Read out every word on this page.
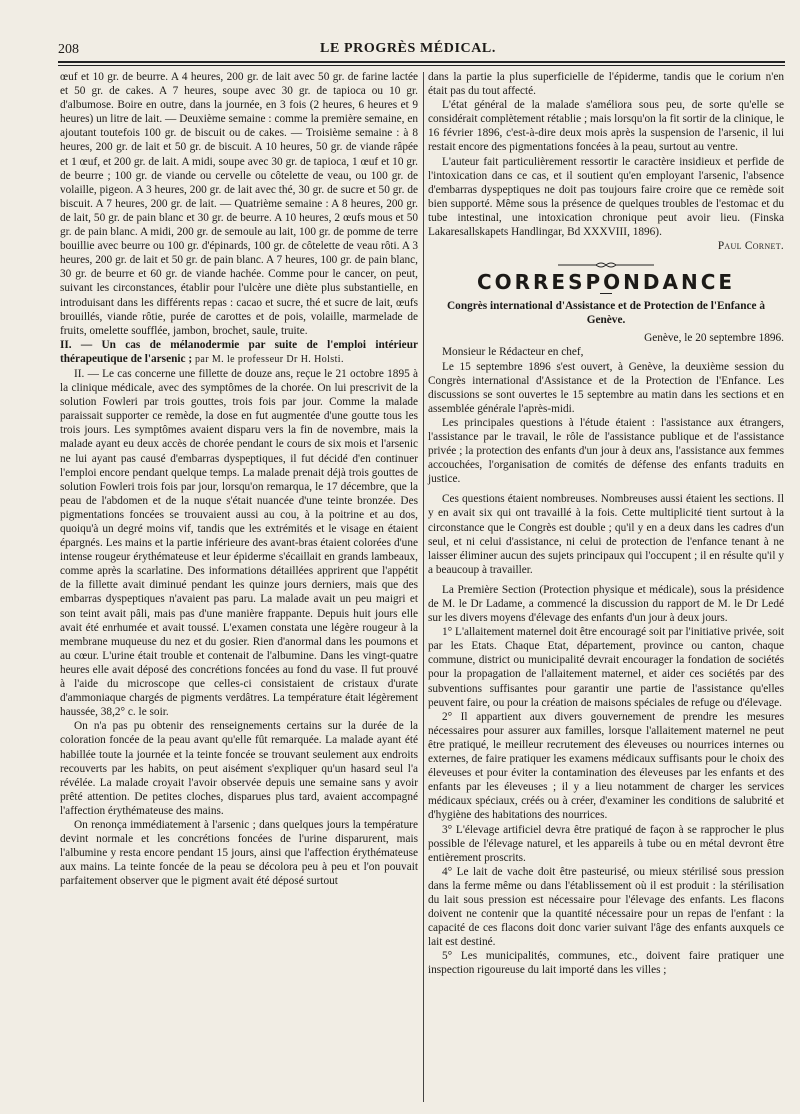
208	LE PROGRÈS MÉDICAL.

œuf et 10 gr. de beurre. A 4 heures, 200 gr. de lait avec 50 gr. de farine lactée et 50 gr. de cakes. A 7 heures, soupe avec 30 gr. de tapioca ou 10 gr. d'albumose. Boire en outre, dans la journée, en 3 fois (2 heures, 6 heures et 9 heures) un litre de lait. — Deuxième semaine : comme la première semaine, en ajoutant toutefois 100 gr. de biscuit ou de cakes. — Troisième semaine : à 8 heures, 200 gr. de lait et 50 gr. de biscuit. A 10 heures, 50 gr. de viande râpée et 1 œuf, et 200 gr. de lait. A midi, soupe avec 30 gr. de tapioca, 1 œuf et 10 gr. de beurre ; 100 gr. de viande ou cervelle ou côtelette de veau, ou 100 gr. de volaille, pigeon. A 3 heures, 200 gr. de lait avec thé, 30 gr. de sucre et 50 gr. de biscuit. A 7 heures, 200 gr. de lait. — Quatrième semaine : A 8 heures, 200 gr. de lait, 50 gr. de pain blanc et 30 gr. de beurre. A 10 heures, 2 œufs mous et 50 gr. de pain blanc. A midi, 200 gr. de semoule au lait, 100 gr. de pomme de terre bouillie avec beurre ou 100 gr. d'épinards, 100 gr. de côtelette de veau rôti. A 3 heures, 200 gr. de lait et 50 gr. de pain blanc. A 7 heures, 100 gr. de pain blanc, 30 gr. de beurre et 60 gr. de viande hachée. Comme pour le cancer, on peut, suivant les circonstances, établir pour l'ulcère une diète plus substantielle, en introduisant dans les différents repas : cacao et sucre, thé et sucre de lait, œufs brouillés, viande rôtie, purée de carottes et de pois, volaille, marmelade de fruits, omelette soufflée, jambon, brochet, saule, truite.

II. — Un cas de mélanodermie par suite de l'emploi intérieur thérapeutique de l'arsenic ; par M. le professeur Dr H. Holsti.

II. — Le cas concerne une fillette de douze ans, reçue le 21 octobre 1895 à la clinique médicale, avec des symptômes de la chorée. On lui prescrivit de la solution Fowleri par trois gouttes, trois fois par jour. Comme la malade paraissait supporter ce remède, la dose en fut augmentée d'une goutte tous les trois jours. Les symptômes avaient disparu vers la fin de novembre, mais la malade ayant eu deux accès de chorée pendant le cours de six mois et l'arsenic ne lui ayant pas causé d'embarras dyspeptiques, il fut décidé d'en continuer l'emploi encore pendant quelque temps. La malade prenait déjà trois gouttes de solution Fowleri trois fois par jour, lorsqu'on remarqua, le 17 décembre, que la peau de l'abdomen et de la nuque s'était nuancée d'une teinte bronzée. Des pigmentations foncées se trouvaient aussi au cou, à la poitrine et au dos, quoiqu'à un degré moins vif, tandis que les extrémités et le visage en étaient épargnés. Les mains et la partie inférieure des avant-bras étaient colorées d'une intense rougeur érythémateuse et leur épiderme s'écaillait en grands lambeaux, comme après la scarlatine. Des informations détaillées apprirent que l'appétit de la fillette avait diminué pendant les quinze jours derniers, mais que des embarras dyspeptiques n'avaient pas paru. La malade avait un peu maigri et son teint avait pâli, mais pas d'une manière frappante. Depuis huit jours elle avait été enrhumée et avait toussé. L'examen constata une légère rougeur à la membrane muqueuse du nez et du gosier. Rien d'anormal dans les poumons et au cœur. L'urine était trouble et contenait de l'albumine. Dans les vingt-quatre heures elle avait déposé des concrétions foncées au fond du vase. Il fut prouvé à l'aide du microscope que celles-ci consistaient de cristaux d'urate d'ammoniaque chargés de pigments verdâtres. La température était légèrement haussée, 38,2° c. le soir.

On n'a pas pu obtenir des renseignements certains sur la durée de la coloration foncée de la peau avant qu'elle fût remarquée. La malade ayant été habillée toute la journée et la teinte foncée se trouvant seulement aux endroits recouverts par les habits, on peut aisément s'expliquer qu'un hasard seul l'a révélée. La malade croyait l'avoir observée depuis une semaine sans y avoir prêté attention. De petites cloches, disparues plus tard, avaient accompagné l'affection érythémateuse des mains.

On renonça immédiatement à l'arsenic ; dans quelques jours la température devint normale et les concrétions foncées de l'urine disparurent, mais l'albumine y resta encore pendant 15 jours, ainsi que l'affection érythémateuse aux mains. La teinte foncée de la peau se décolora peu à peu et l'on pouvait parfaitement observer que le pigment avait été déposé surtout

dans la partie la plus superficielle de l'épiderme, tandis que le corium n'en était pas du tout affecté.

L'état général de la malade s'améliora sous peu, de sorte qu'elle se considérait complètement rétablie ; mais lorsqu'on la fit sortir de la clinique, le 16 février 1896, c'est-à-dire deux mois après la suspension de l'arsenic, il lui restait encore des pigmentations foncées à la peau, surtout au ventre.

L'auteur fait particulièrement ressortir le caractère insidieux et perfide de l'intoxication dans ce cas, et il soutient qu'en employant l'arsenic, l'absence d'embarras dyspeptiques ne doit pas toujours faire croire que ce remède soit bien supporté. Même sous la présence de quelques troubles de l'estomac et du tube intestinal, une intoxication chronique peut avoir lieu. (Finska Lakaresallskapets Handlingar, Bd XXXVIII, 1896).

Paul Cornet.

CORRESPONDANCE
Congrès international d'Assistance et de Protection de l'Enfance à Genève.

Genève, le 20 septembre 1896.

Monsieur le Rédacteur en chef,

Le 15 septembre 1896 s'est ouvert, à Genève, la deuxième session du Congrès international d'Assistance et de la Protection de l'Enfance. Les discussions se sont ouvertes le 15 septembre au matin dans les sections et en assemblée générale l'après-midi.

Les principales questions à l'étude étaient : l'assistance aux étrangers, l'assistance par le travail, le rôle de l'assistance publique et de l'assistance privée ; la protection des enfants d'un jour à deux ans, l'assistance aux femmes accouchées, l'organisation de comités de défense des enfants traduits en justice.

Ces questions étaient nombreuses. Nombreuses aussi étaient les sections. Il y en avait six qui ont travaillé à la fois. Cette multiplicité tient surtout à la circonstance que le Congrès est double ; qu'il y en a deux dans les cadres d'un seul, et ni celui d'assistance, ni celui de protection de l'enfance tenant à ne laisser éliminer aucun des sujets principaux qui l'occupent ; il en résulte qu'il y a beaucoup à travailler.

La Première Section (Protection physique et médicale), sous la présidence de M. le Dr Ladame, a commencé la discussion du rapport de M. le Dr Ledé sur les divers moyens d'élevage des enfants d'un jour à deux jours.

1° L'allaitement maternel doit être encouragé soit par l'initiative privée, soit par les Etats. Chaque Etat, département, province ou canton, chaque commune, district ou municipalité devrait encourager la fondation de sociétés pour la propagation de l'allaitement maternel, et aider ces sociétés par des subventions suffisantes pour garantir une partie de l'assistance qu'elles peuvent faire, ou pour la création de maisons spéciales de refuge ou d'élevage.

2° Il appartient aux divers gouvernement de prendre les mesures nécessaires pour assurer aux familles, lorsque l'allaitement maternel ne peut être pratiqué, le meilleur recrutement des éleveuses ou nourrices internes ou externes, de faire pratiquer les examens médicaux suffisants pour le choix des éleveuses et pour éviter la contamination des éleveuses par les enfants et des enfants par les éleveuses ; il y a lieu notamment de charger les services médicaux spéciaux, créés ou à créer, d'examiner les conditions de salubrité et d'hygiène des habitations des nourrices.

3° L'élevage artificiel devra être pratiqué de façon à se rapprocher le plus possible de l'élevage naturel, et les appareils à tube ou en métal devront être entièrement proscrits.

4° Le lait de vache doit être pasteurisé, ou mieux stérilisé sous pression dans la ferme même ou dans l'établissement où il est produit : la stérilisation du lait sous pression est nécessaire pour l'élevage des enfants. Les flacons doivent ne contenir que la quantité nécessaire pour un repas de l'enfant : la capacité de ces flacons doit donc varier suivant l'âge des enfants auxquels ce lait est destiné.

5° Les municipalités, communes, etc., doivent faire pratiquer une inspection rigoureuse du lait importé dans les villes ;
